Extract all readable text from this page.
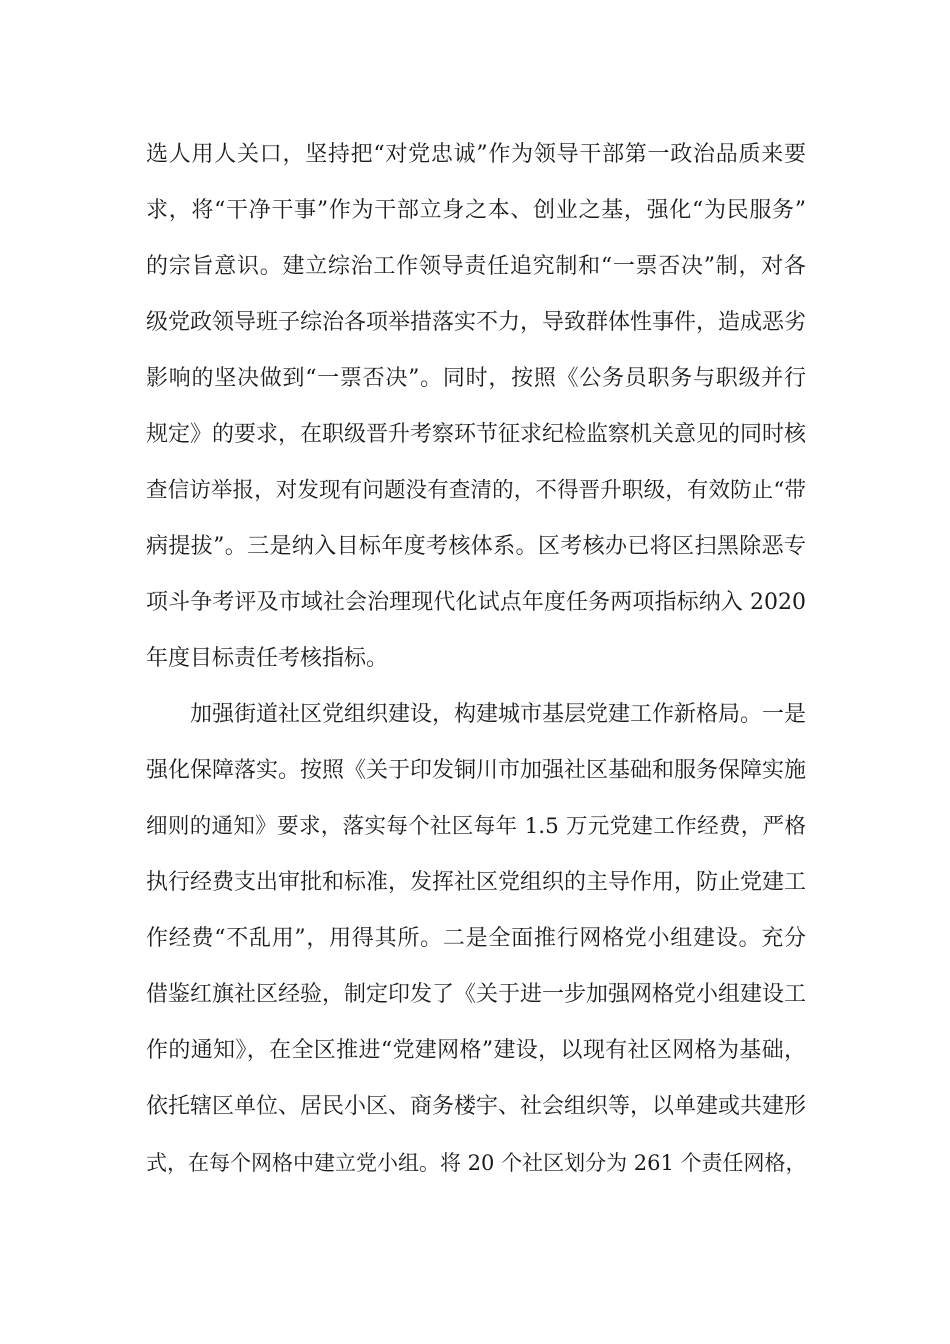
选人用人关口，坚持把“对党忠诚”作为领导干部第一政治品质来要
求，将“干净干事”作为干部立身之本、创业之基，强化“为民服务”
的宗旨意识。建立综治工作领导责任追究制和“一票否决”制，对各
级党政领导班子综治各项举措落实不力，导致群体性事件，造成恶劣
影响的坚决做到“一票否决”。同时，按照《公务员职务与职级并行
规定》的要求，在职级晋升考察环节征求纪检监察机关意见的同时核
查信访举报，对发现有问题没有查清的，不得晋升职级，有效防止“带
病提拔”。三是纳入目标年度考核体系。区考核办已将区扫黑除恶专
项斗争考评及市域社会治理现代化试点年度任务两项指标纳入 2020
年度目标责任考核指标。
加强街道社区党组织建设，构建城市基层党建工作新格局。一是
强化保障落实。按照《关于印发铜川市加强社区基础和服务保障实施
细则的通知》要求，落实每个社区每年 1.5 万元党建工作经费，严格
执行经费支出审批和标准，发挥社区党组织的主导作用，防止党建工
作经费“不乱用”，用得其所。二是全面推行网格党小组建设。充分
借鉴红旗社区经验，制定印发了《关于进一步加强网格党小组建设工
作的通知》，在全区推进“党建网格”建设，以现有社区网格为基础，
依托辖区单位、居民小区、商务楼宇、社会组织等，以单建或共建形
式，在每个网格中建立党小组。将 20 个社区划分为 261 个责任网格，
